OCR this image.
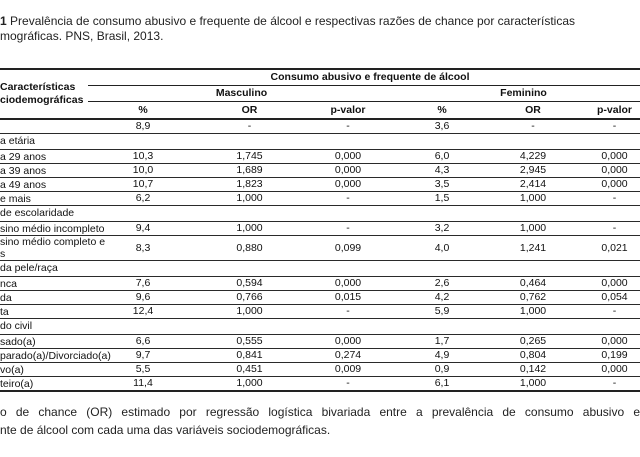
1 Prevalência de consumo abusivo e frequente de álcool e respectivas razões de chance por características
mográficas. PNS, Brasil, 2013.
Características
ciodemográficas	Consumo abusivo e frequente de álcool					
	Masculino			Feminino		
	%	OR	p-valor	%	OR	p-valor

	8,9	-	-	3,6	-	-
a etária						

a 29 anos	10,3	1,745	0,000	6,0	4,229	0,000

a 39 anos	10,0	1,689	0,000	4,3	2,945	0,000

a 49 anos	10,7	1,823	0,000	3,5	2,414	0,000

e mais	6,2	1,000	-	1,5	1,000	-
de escolaridade						

sino médio incompleto	9,4	1,000	-	3,2	1,000	-

sino médio completo e
s	8,3	0,880	0,099	4,0	1,241	0,021
da pele/raça						

nca	7,6	0,594	0,000	2,6	0,464	0,000

da	9,6	0,766	0,015	4,2	0,762	0,054

ta	12,4	1,000	-	5,9	1,000	-
do civil						

sado(a)	6,6	0,555	0,000	1,7	0,265	0,000

parado(a)/Divorciado(a)	9,7	0,841	0,274	4,9	0,804	0,199

vo(a)	5,5	0,451	0,009	0,9	0,142	0,000

teiro(a)	11,4	1,000	-	6,1	1,000	-
o de chance (OR) estimado por regressão logística bivariada entre a prevalência de consumo abusivo e
nte de álcool com cada uma das variáveis sociodemográficas.
